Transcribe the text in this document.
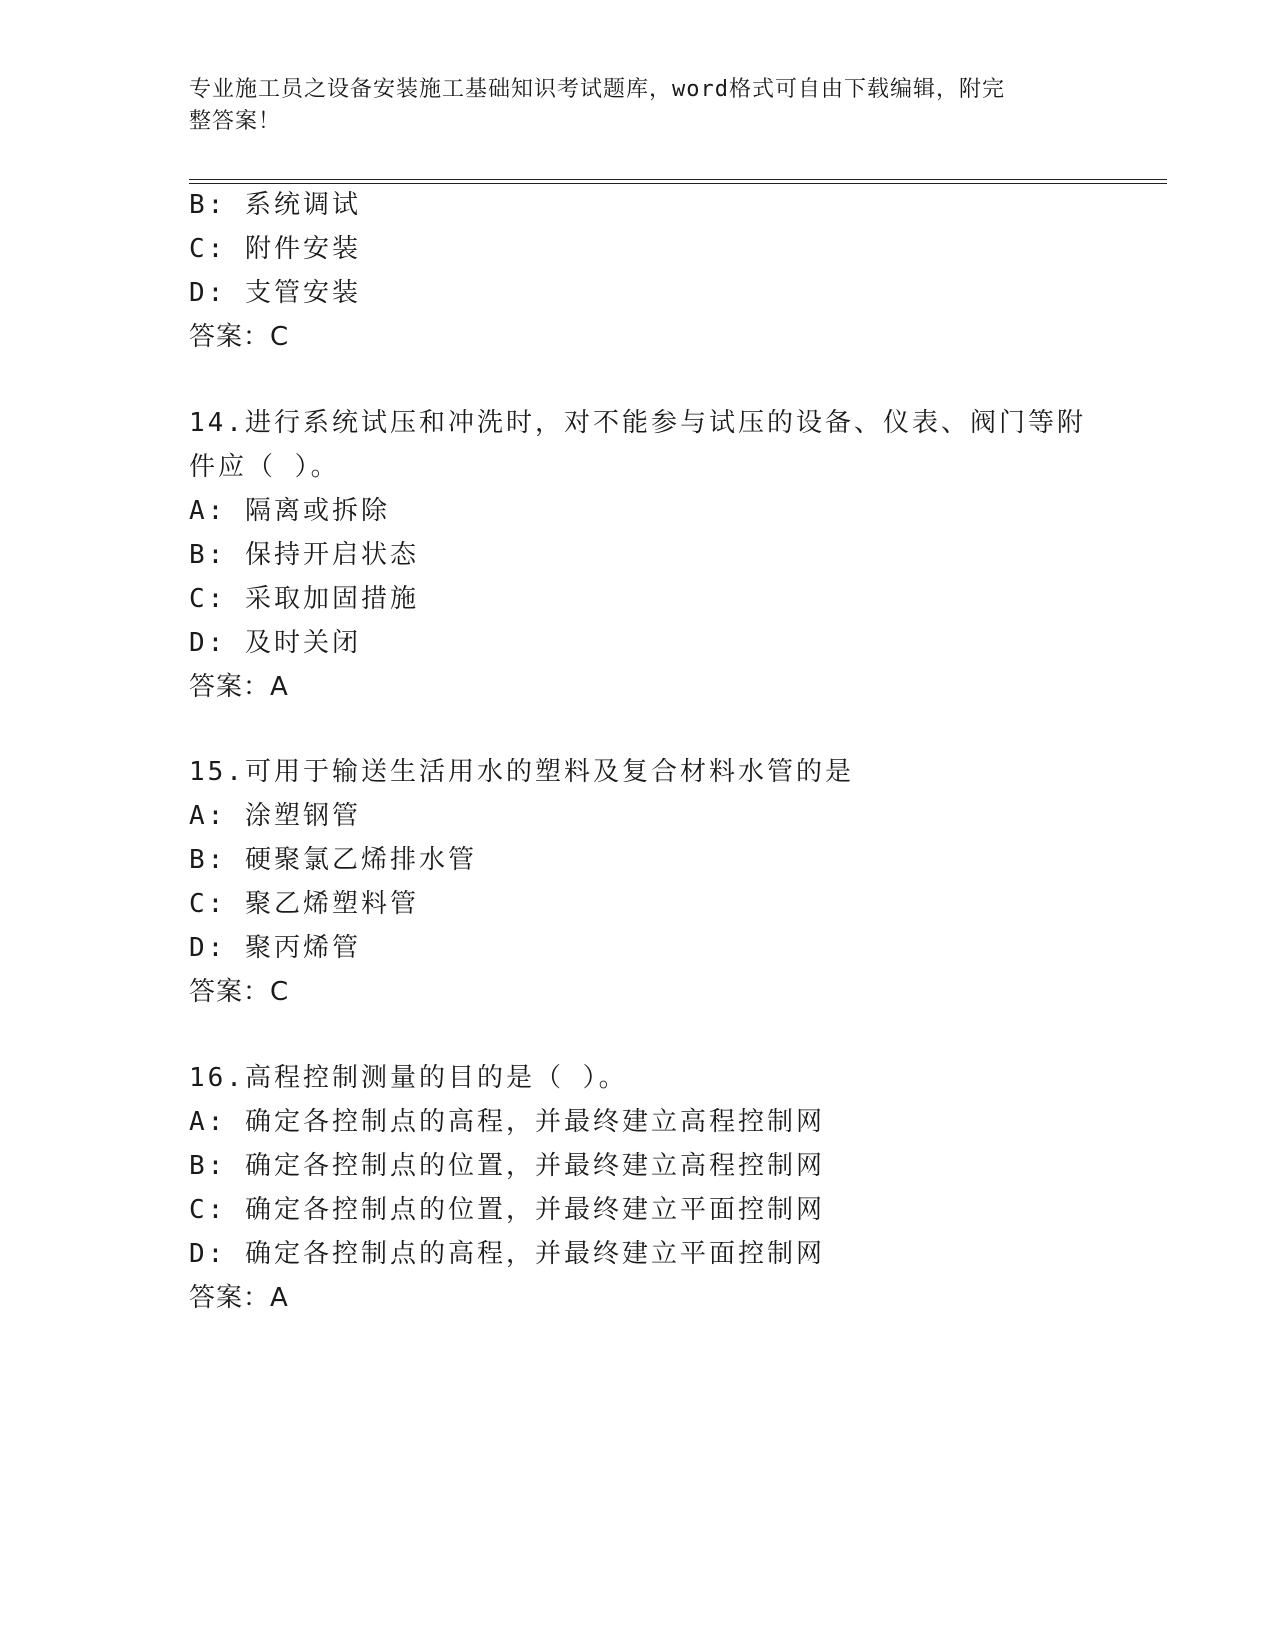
专业施工员之设备安装施工基础知识考试题库，word格式可自由下载编辑，附完
整答案！
B: 系统调试
C: 附件安装
D: 支管安装
答案：C
14.进行系统试压和冲洗时，对不能参与试压的设备、仪表、阀门等附
件应（ ）。
A: 隔离或拆除
B: 保持开启状态
C: 采取加固措施
D: 及时关闭
答案：A
15.可用于输送生活用水的塑料及复合材料水管的是
A: 涂塑钢管
B: 硬聚氯乙烯排水管
C: 聚乙烯塑料管
D: 聚丙烯管
答案：C
16.高程控制测量的目的是（ ）。
A: 确定各控制点的高程，并最终建立高程控制网
B: 确定各控制点的位置，并最终建立高程控制网
C: 确定各控制点的位置，并最终建立平面控制网
D: 确定各控制点的高程，并最终建立平面控制网
答案：A
